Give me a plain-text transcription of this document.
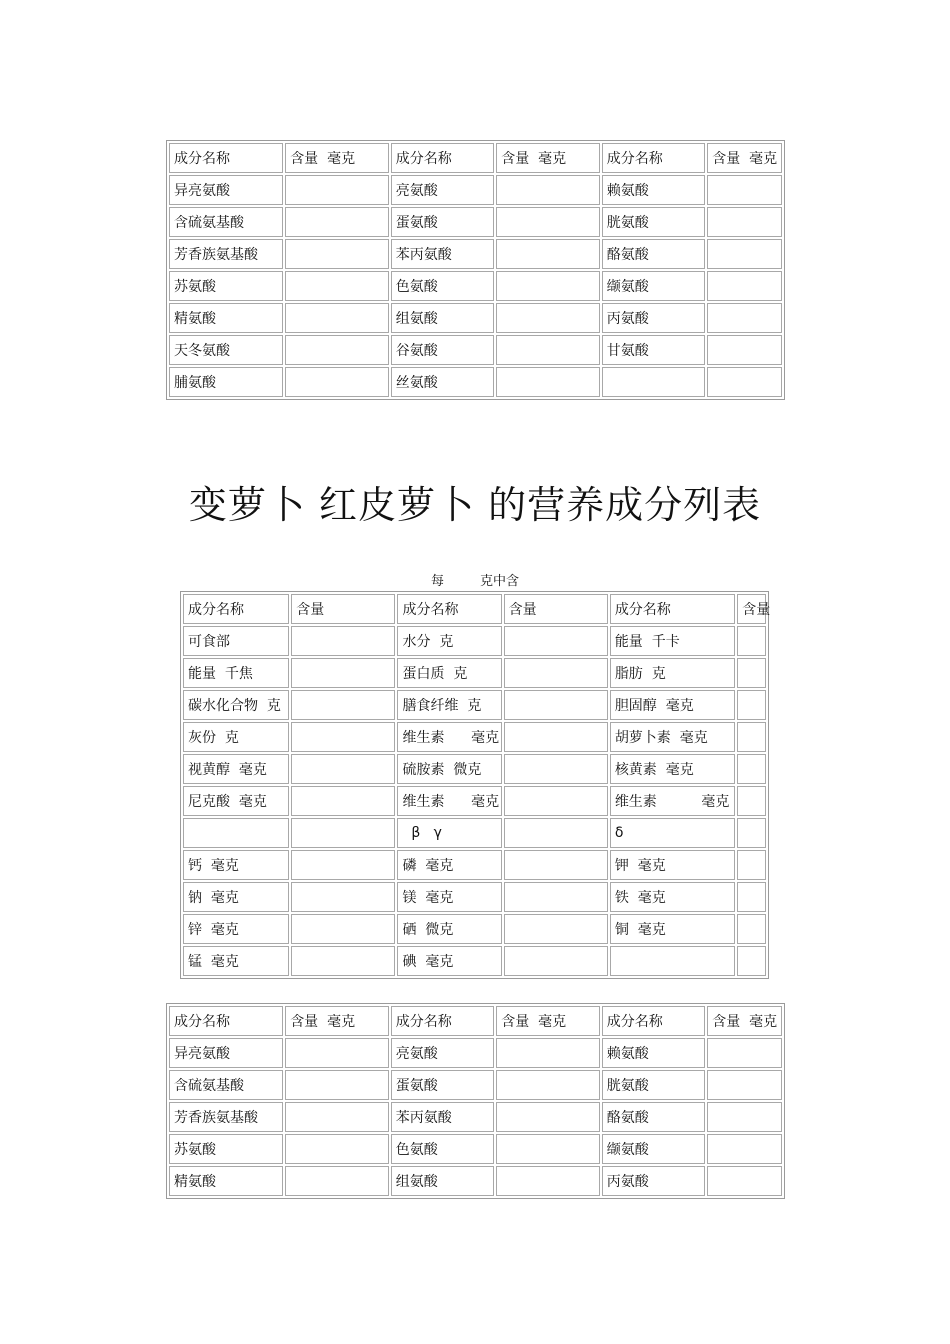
成分名称	含量  毫克	成分名称	含量  毫克	成分名称	含量  毫克
异亮氨酸		亮氨酸		赖氨酸	
含硫氨基酸		蛋氨酸		胱氨酸	
芳香族氨基酸		苯丙氨酸		酪氨酸	
苏氨酸		色氨酸		缬氨酸	
精氨酸		组氨酸		丙氨酸	
天冬氨酸		谷氨酸		甘氨酸	
脯氨酸		丝氨酸			
变萝卜 红皮萝卜 的营养成分列表
每	克中含
成分名称	含量	成分名称	含量	成分名称	含量
可食部		水分  克		能量  千卡	
能量  千焦		蛋白质  克		脂肪  克	
碳水化合物  克		膳食纤维  克		胆固醇  毫克	
灰份  克		维生素      毫克		胡萝卜素  毫克	
视黄醇  毫克		硫胺素  微克		核黄素  毫克	
尼克酸  毫克		维生素      毫克		维生素          毫克	
		β   γ		δ	
钙  毫克		磷  毫克		钾  毫克	
钠  毫克		镁  毫克		铁  毫克	
锌  毫克		硒  微克		铜  毫克	
锰  毫克		碘  毫克			
成分名称	含量  毫克	成分名称	含量  毫克	成分名称	含量  毫克
异亮氨酸		亮氨酸		赖氨酸	
含硫氨基酸		蛋氨酸		胱氨酸	
芳香族氨基酸		苯丙氨酸		酪氨酸	
苏氨酸		色氨酸		缬氨酸	
精氨酸		组氨酸		丙氨酸	
